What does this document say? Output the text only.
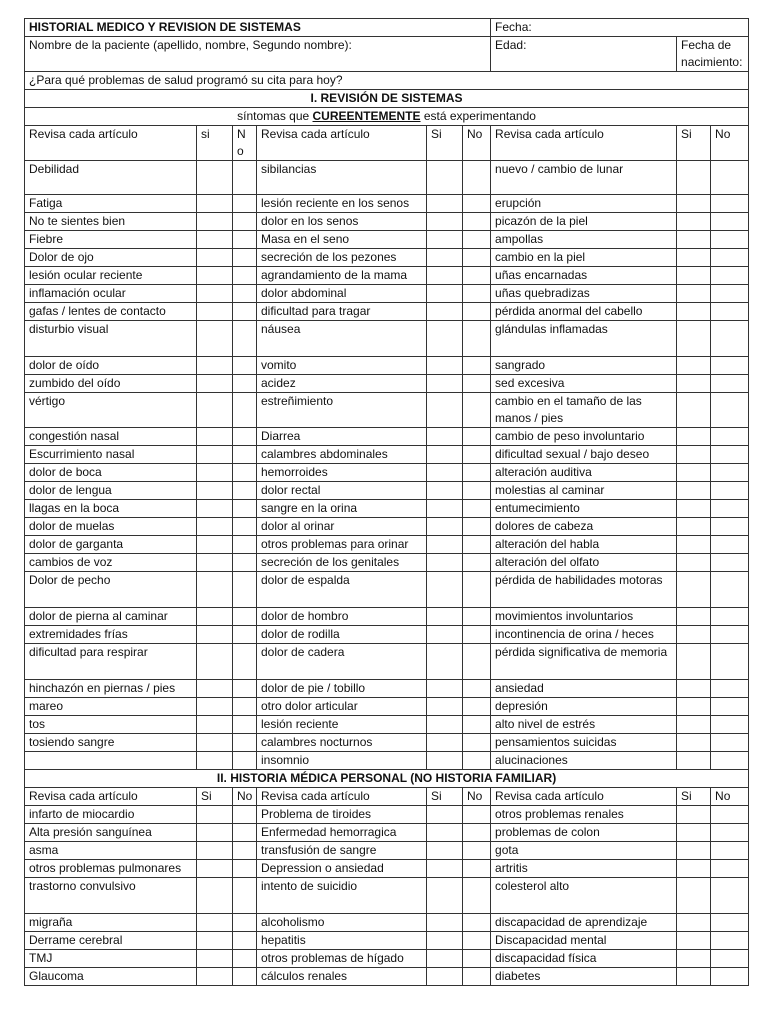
HISTORIAL MEDICO Y REVISION DE SISTEMAS						Fecha:		
Nombre de la paciente (apellido, nombre, Segundo nombre):						Edad:	Fecha de nacimiento:	
¿Para qué problemas de salud programó su cita para hoy?								
I. REVISIÓN DE SISTEMAS								
síntomas que CUREENTEMENTE está experimentando								
Revisa cada artículo	si	N o	Revisa cada artículo	Si	No	Revisa cada artículo	Si	No
Debilidad			sibilancias			nuevo / cambio de lunar		
Fatiga			lesión reciente en los senos			erupción		
No te sientes bien			dolor en los senos			picazón de la piel		
Fiebre			Masa en el seno			ampollas		
Dolor de ojo			secreción de los pezones			cambio en la piel		
lesión ocular reciente			agrandamiento de la mama			uñas encarnadas		
inflamación ocular			dolor abdominal			uñas quebradizas		
gafas / lentes de contacto			dificultad para tragar			pérdida anormal del cabello		
disturbio visual			náusea			glándulas inflamadas		
dolor de oído			vomito			sangrado		
zumbido del oído			acidez			sed excesiva		
vértigo			estreñimiento			cambio en el tamaño de las manos / pies		
congestión nasal			Diarrea			cambio de peso involuntario		
Escurrimiento nasal			calambres abdominales			dificultad sexual / bajo deseo		
dolor de boca			hemorroides			alteración auditiva		
dolor de lengua			dolor rectal			molestias al caminar		
llagas en la boca			sangre en la orina			entumecimiento		
dolor de muelas			dolor al orinar			dolores de cabeza		
dolor de garganta			otros problemas para orinar			alteración del habla		
cambios de voz			secreción de los genitales			alteración del olfato		
Dolor de pecho			dolor de espalda			pérdida de habilidades motoras		
dolor de pierna al caminar			dolor de hombro			movimientos involuntarios		
extremidades frías			dolor de rodilla			incontinencia de orina / heces		
dificultad para respirar			dolor de cadera			pérdida significativa de memoria		
hinchazón en piernas / pies			dolor de pie / tobillo			ansiedad		
mareo			otro dolor articular			depresión		
tos			lesión reciente			alto nivel de estrés		
tosiendo sangre			calambres nocturnos			pensamientos suicidas		
			insomnio			alucinaciones		
II. HISTORIA MÉDICA PERSONAL (NO HISTORIA FAMILIAR)								
Revisa cada artículo	Si	No	Revisa cada artículo	Si	No	Revisa cada artículo	Si	No
infarto de miocardio			Problema de tiroides			otros problemas renales		
Alta presión sanguínea			Enfermedad hemorragica			problemas de colon		
asma			transfusión de sangre			gota		
otros problemas pulmonares			Depression o ansiedad			artritis		
trastorno convulsivo			intento de suicidio			colesterol alto		
migraña			alcoholismo			discapacidad de aprendizaje		
Derrame cerebral			hepatitis			Discapacidad mental		
TMJ			otros problemas de hígado			discapacidad física		
Glaucoma			cálculos renales			diabetes		
